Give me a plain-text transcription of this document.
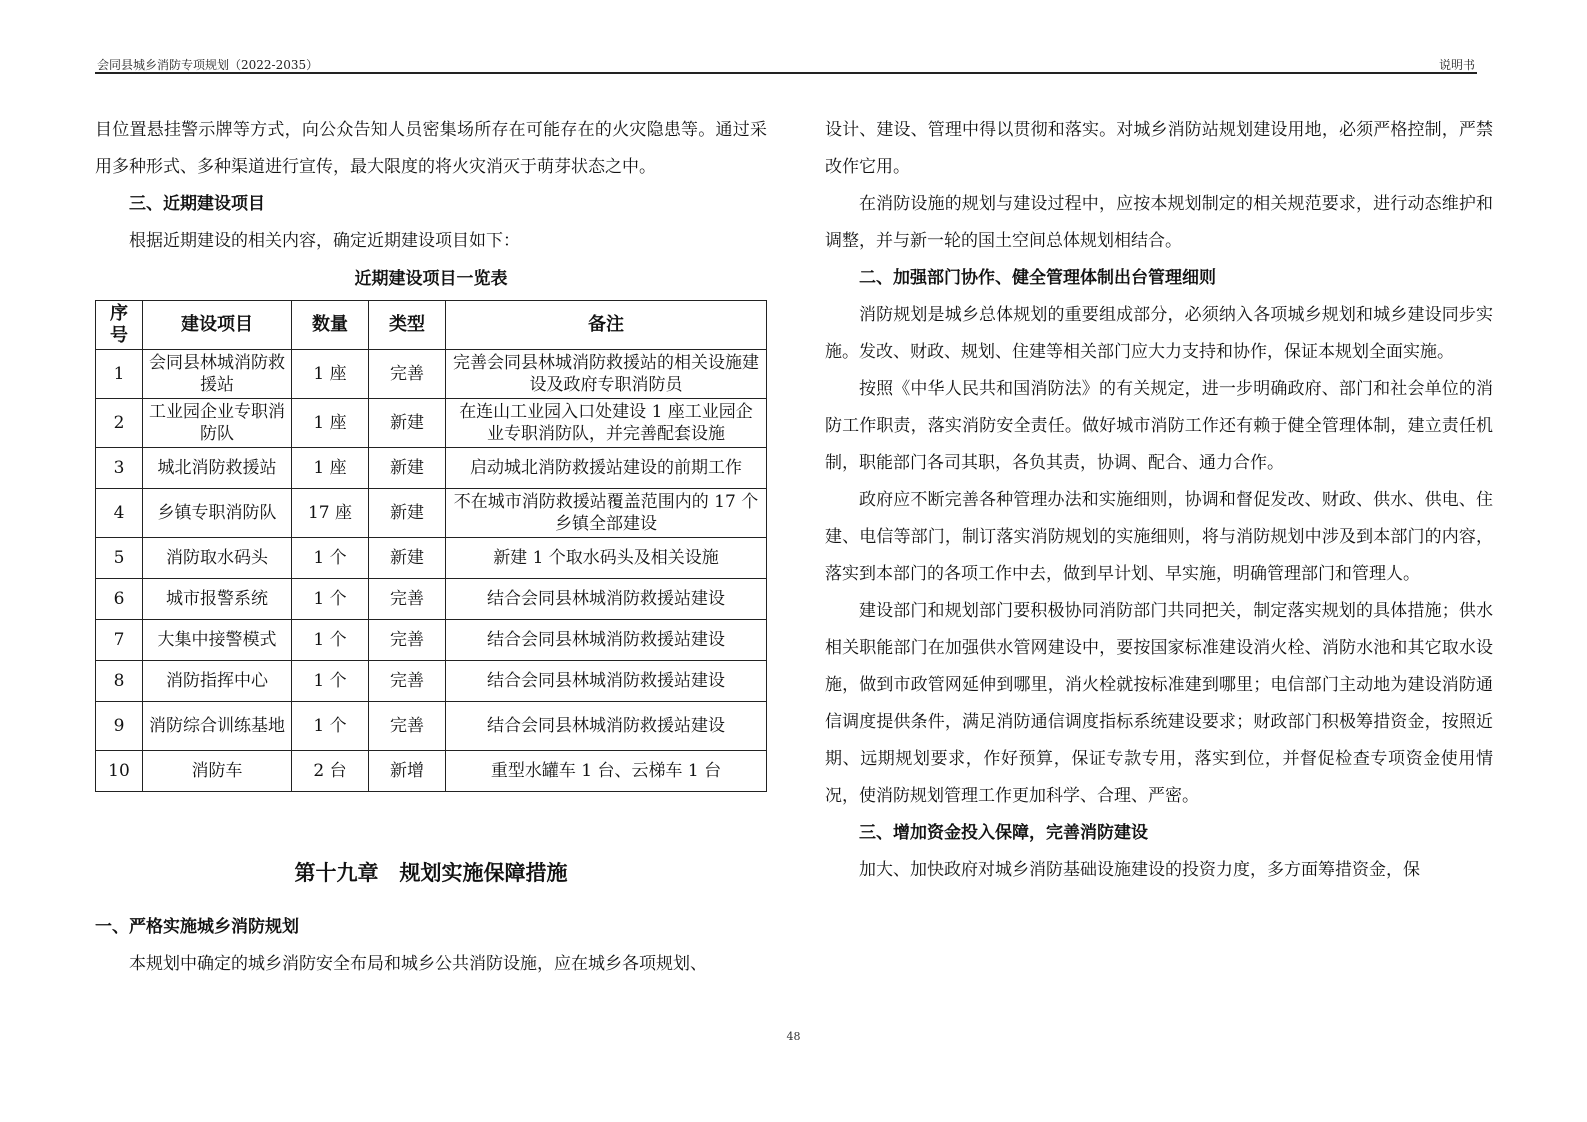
会同县城乡消防专项规划（2022-2035）	说明书

目位置悬挂警示牌等方式，向公众告知人员密集场所存在可能存在的火灾隐患等。通过采用多种形式、多种渠道进行宣传，最大限度的将火灾消灭于萌芽状态之中。

三、近期建设项目

根据近期建设的相关内容，确定近期建设项目如下：

近期建设项目一览表
序号	建设项目	数量	类型	备注
1	会同县林城消防救援站	1 座	完善	完善会同县林城消防救援站的相关设施建设及政府专职消防员
2	工业园企业专职消防队	1 座	新建	在连山工业园入口处建设 1 座工业园企业专职消防队，并完善配套设施
3	城北消防救援站	1 座	新建	启动城北消防救援站建设的前期工作
4	乡镇专职消防队	17 座	新建	不在城市消防救援站覆盖范围内的 17 个乡镇全部建设
5	消防取水码头	1 个	新建	新建 1 个取水码头及相关设施
6	城市报警系统	1 个	完善	结合会同县林城消防救援站建设
7	大集中接警模式	1 个	完善	结合会同县林城消防救援站建设
8	消防指挥中心	1 个	完善	结合会同县林城消防救援站建设
9	消防综合训练基地	1 个	完善	结合会同县林城消防救援站建设
10	消防车	2 台	新增	重型水罐车 1 台、云梯车 1 台
第十九章　规划实施保障措施

一、严格实施城乡消防规划

本规划中确定的城乡消防安全布局和城乡公共消防设施，应在城乡各项规划、

设计、建设、管理中得以贯彻和落实。对城乡消防站规划建设用地，必须严格控制，严禁改作它用。

在消防设施的规划与建设过程中，应按本规划制定的相关规范要求，进行动态维护和调整，并与新一轮的国土空间总体规划相结合。

二、加强部门协作、健全管理体制出台管理细则

消防规划是城乡总体规划的重要组成部分，必须纳入各项城乡规划和城乡建设同步实施。发改、财政、规划、住建等相关部门应大力支持和协作，保证本规划全面实施。

按照《中华人民共和国消防法》的有关规定，进一步明确政府、部门和社会单位的消防工作职责，落实消防安全责任。做好城市消防工作还有赖于健全管理体制，建立责任机制，职能部门各司其职，各负其责，协调、配合、通力合作。

政府应不断完善各种管理办法和实施细则，协调和督促发改、财政、供水、供电、住建、电信等部门，制订落实消防规划的实施细则，将与消防规划中涉及到本部门的内容，落实到本部门的各项工作中去，做到早计划、早实施，明确管理部门和管理人。

建设部门和规划部门要积极协同消防部门共同把关，制定落实规划的具体措施；供水相关职能部门在加强供水管网建设中，要按国家标准建设消火栓、消防水池和其它取水设施，做到市政管网延伸到哪里，消火栓就按标准建到哪里；电信部门主动地为建设消防通信调度提供条件，满足消防通信调度指标系统建设要求；财政部门积极筹措资金，按照近期、远期规划要求，作好预算，保证专款专用，落实到位，并督促检查专项资金使用情况，使消防规划管理工作更加科学、合理、严密。

三、增加资金投入保障，完善消防建设

加大、加快政府对城乡消防基础设施建设的投资力度，多方面筹措资金，保

48
